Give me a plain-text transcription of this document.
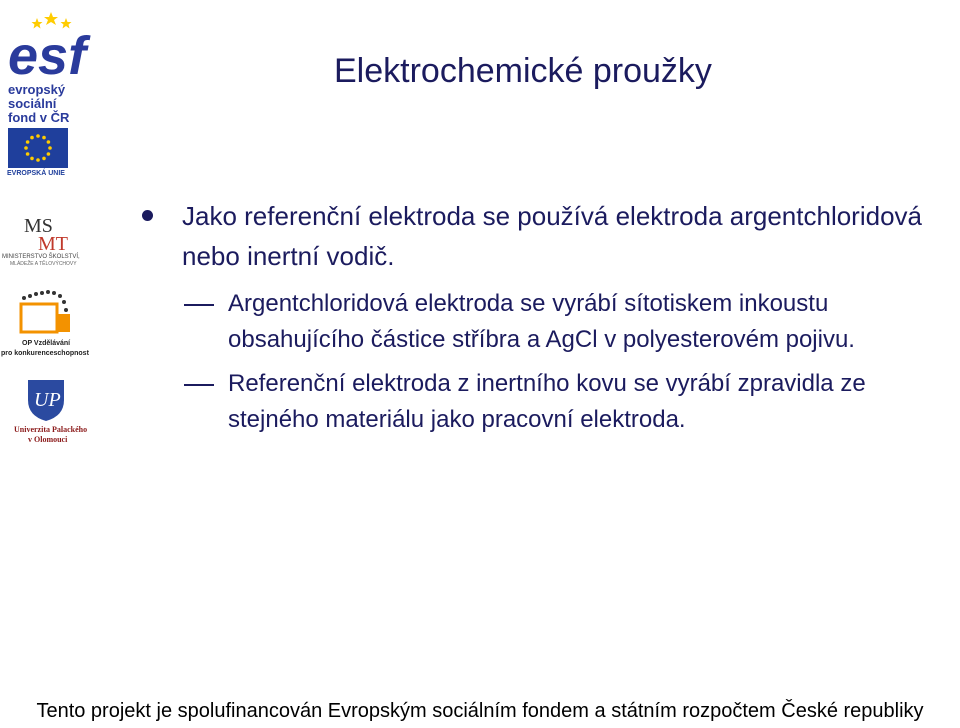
esf
evropský
sociální
fond v ČR
EVROPSKÁ UNIE
MS
MT
MINISTERSTVO ŠKOLSTVÍ,
MLÁDEŽE A TĚLOVÝCHOVY
OP Vzdělávání
pro konkurenceschopnost
UP
Univerzita Palackého
v Olomouci
Elektrochemické proužky
Jako referenční elektroda se používá elektroda argentchloridová nebo inertní vodič.
Argentchloridová elektroda se vyrábí sítotiskem inkoustu obsahujícího částice stříbra a AgCl v polyesterovém pojivu.
Referenční elektroda z inertního kovu se vyrábí zpravidla ze stejného materiálu jako pracovní elektroda.
Tento projekt je spolufinancován Evropským sociálním fondem a státním rozpočtem České republiky
